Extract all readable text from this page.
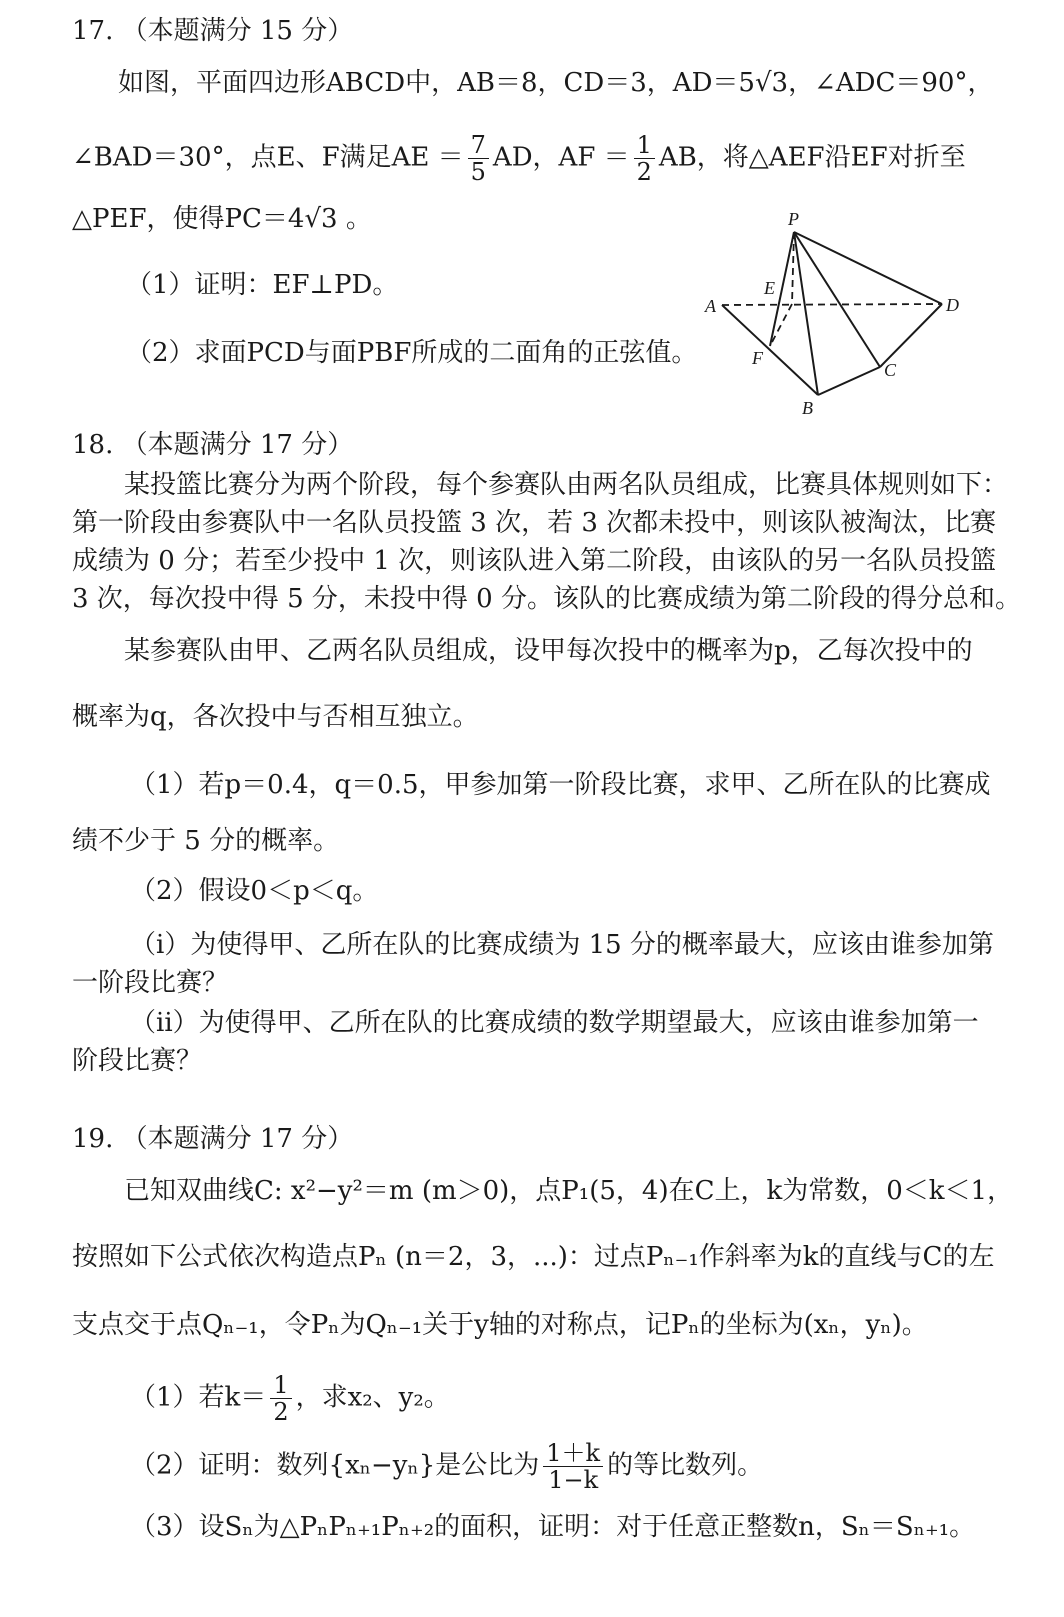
17. （本题满分 15 分）
如图，平面四边形ABCD中，AB＝8，CD＝3，AD＝5√3，∠ADC＝90°，
∠BAD＝30°，点E、F满足AE ＝ $\frac{7}{5}$ AD，AF ＝ $\frac{1}{2}$ AB，将△AEF沿EF对折至
△PEF，使得PC＝4√3 。
（1）证明：EF⊥PD。
（2）求面PCD与面PBF所成的二面角的正弦值。
P
E
A	D
F
C
B
18. （本题满分 17 分）
某投篮比赛分为两个阶段，每个参赛队由两名队员组成，比赛具体规则如下：
第一阶段由参赛队中一名队员投篮 3 次，若 3 次都未投中，则该队被淘汰，比赛
成绩为 0 分；若至少投中 1 次，则该队进入第二阶段，由该队的另一名队员投篮
3 次，每次投中得 5 分，未投中得 0 分。该队的比赛成绩为第二阶段的得分总和。
某参赛队由甲、乙两名队员组成，设甲每次投中的概率为p，乙每次投中的
概率为q，各次投中与否相互独立。
（1）若p＝0.4，q＝0.5，甲参加第一阶段比赛，求甲、乙所在队的比赛成
绩不少于 5 分的概率。
（2）假设0＜p＜q。
（i）为使得甲、乙所在队的比赛成绩为 15 分的概率最大，应该由谁参加第
一阶段比赛？
（ii）为使得甲、乙所在队的比赛成绩的数学期望最大，应该由谁参加第一
阶段比赛？
19. （本题满分 17 分）
已知双曲线C: x²−y²＝m (m＞0)，点P₁(5，4)在C上，k为常数，0＜k＜1，
按照如下公式依次构造点Pₙ (n＝2，3，...)：过点Pₙ₋₁作斜率为k的直线与C的左
支点交于点Qₙ₋₁，令Pₙ为Qₙ₋₁关于y轴的对称点，记Pₙ的坐标为(xₙ，yₙ)。
（1）若$k= \frac{1}{2}$ ，求x₂、y₂。
（2）证明：数列{xₙ−yₙ}是公比为 $\frac{1+k}{1-k}$ 的等比数列。
（3）设Sₙ为△PₙPₙ₊₁Pₙ₊₂的面积，证明：对于任意正整数n，Sₙ＝Sₙ₊₁。
